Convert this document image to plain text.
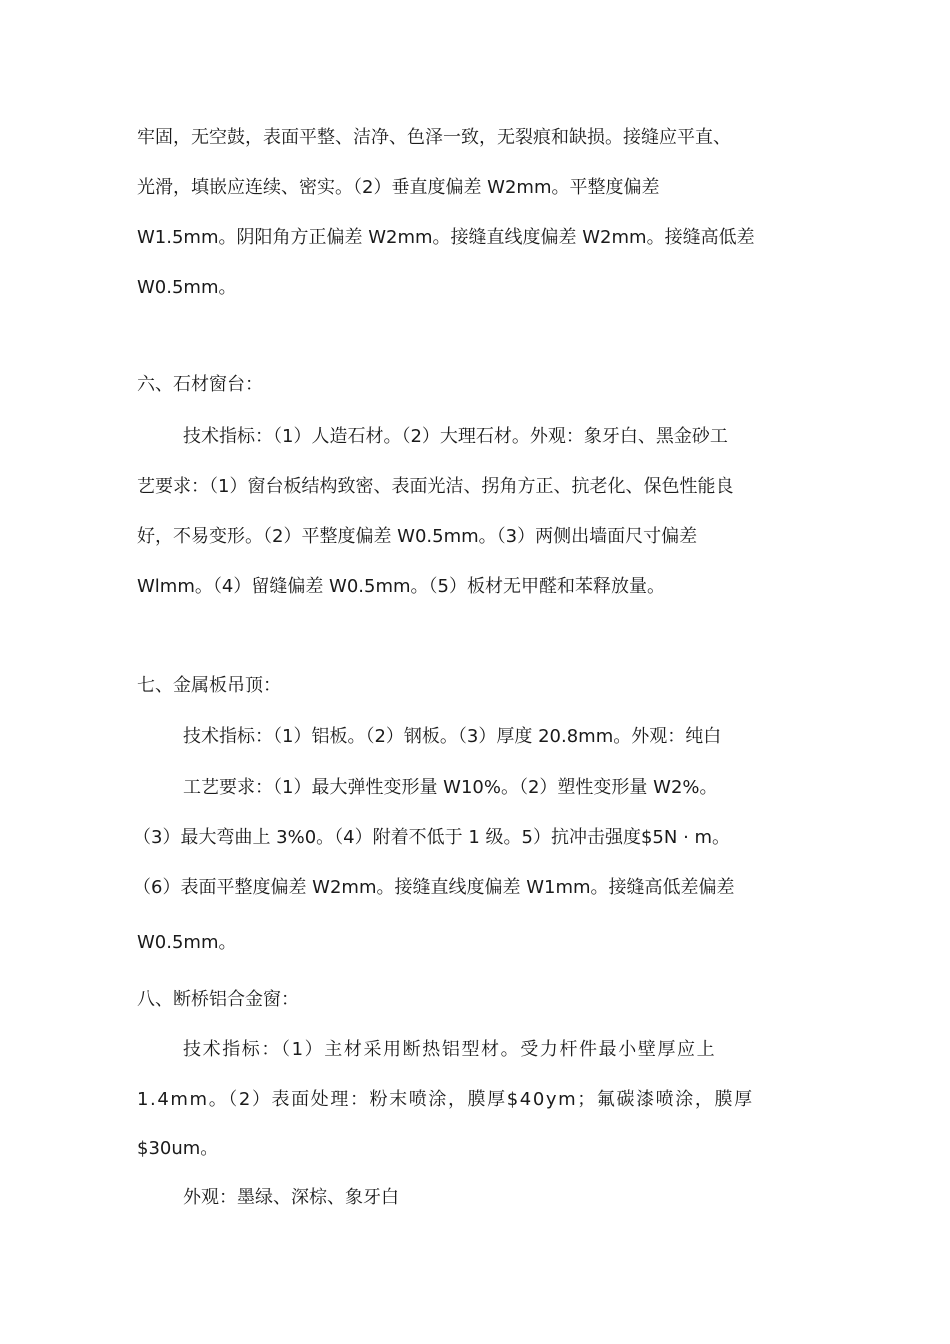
牢固，无空鼓，表面平整、洁净、色泽一致，无裂痕和缺损。接缝应平直、
光滑，填嵌应连续、密实。（2）垂直度偏差 W2mm。平整度偏差
W1.5mm。阴阳角方正偏差 W2mm。接缝直线度偏差 W2mm。接缝高低差
W0.5mm。
六、石材窗台：
技术指标：（1）人造石材。（2）大理石材。外观：象牙白、黑金砂工
艺要求：（1）窗台板结构致密、表面光洁、拐角方正、抗老化、保色性能良
好，不易变形。（2）平整度偏差 W0.5mm。（3）两侧出墙面尺寸偏差
Wlmm。（4）留缝偏差 W0.5mm。（5）板材无甲醛和苯释放量。
七、金属板吊顶：
技术指标：（1）铝板。（2）钢板。（3）厚度 20.8mm。外观：纯白
工艺要求：（1）最大弹性变形量 W10%。（2）塑性变形量 W2%。
（3）最大弯曲上 3%0。（4）附着不低于 1 级。5）抗冲击强度$5N · m。
（6）表面平整度偏差 W2mm。接缝直线度偏差 W1mm。接缝高低差偏差
W0.5mm。
八、断桥铝合金窗：
技术指标：（1）主材采用断热铝型材。受力杆件最小壁厚应上
1.4mm。（2）表面处理：粉末喷涂，膜厚$40ym；氟碳漆喷涂，膜厚
$30um。
外观：墨绿、深棕、象牙白
